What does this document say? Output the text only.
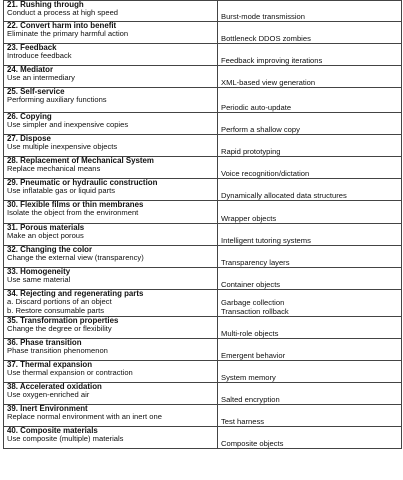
21. Rushing through
Conduct a process at high speed	Burst-mode transmission

22. Convert harm into benefit
Eliminate the primary harmful action	Bottleneck DDOS zombies

23. Feedback
Introduce feedback	Feedback improving iterations

24. Mediator
Use an intermediary	XML-based view generation

25. Self-service
Performing auxiliary functions	Periodic auto-update

26. Copying
Use simpler and inexpensive copies	Perform a shallow copy

27. Dispose
Use multiple inexpensive objects	Rapid prototyping

28. Replacement of Mechanical System
Replace mechanical means	Voice recognition/dictation

29. Pneumatic or hydraulic construction
Use inflatable gas or liquid parts	Dynamically allocated data structures

30. Flexible films or thin membranes
Isolate the object from the environment	Wrapper objects

31. Porous materials
Make an object porous	Intelligent tutoring systems

32. Changing the color
Change the external view (transparency)	Transparency layers

33. Homogeneity
Use same material	Container objects

34. Rejecting and regenerating parts
a. Discard portions of an object
b. Restore consumable parts	Garbage collection
Transaction rollback

35. Transformation properties
Change the degree or flexibility	Multi-role objects

36. Phase transition
Phase transition phenomenon	Emergent behavior

37. Thermal expansion
Use thermal expansion or contraction	System memory

38. Accelerated oxidation
Use oxygen-enriched air	Salted encryption

39. Inert Environment
Replace normal environment with an inert one	Test harness

40. Composite materials
Use composite (multiple) materials	Composite objects
